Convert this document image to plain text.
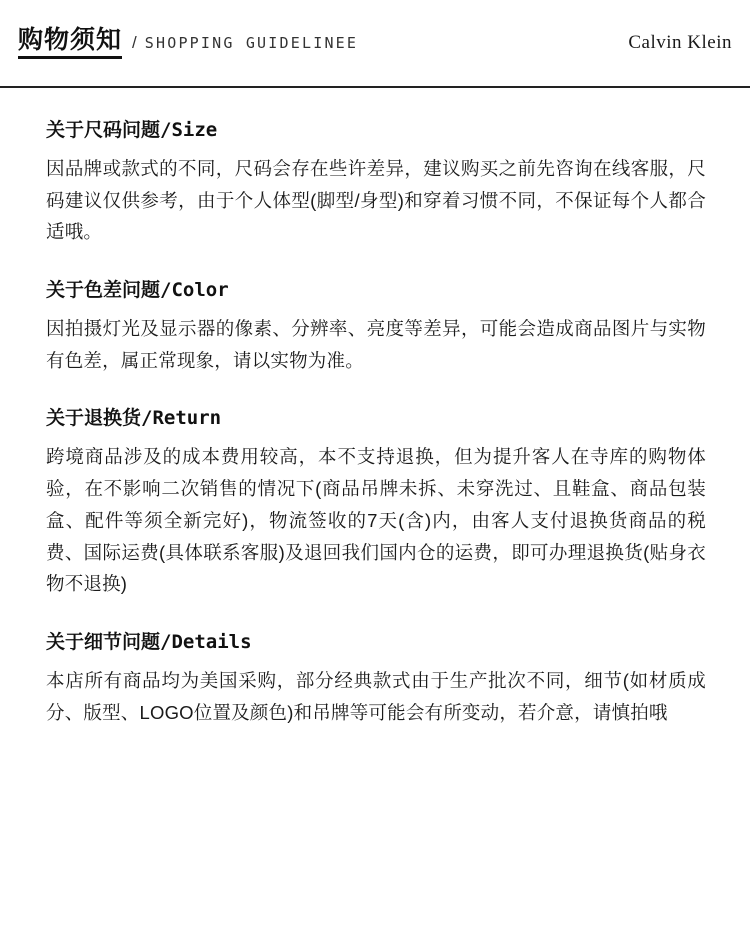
购物须知 / SHOPPING GUIDELINEE	Calvin Klein
关于尺码问题/Size
因品牌或款式的不同，尺码会存在些许差异，建议购买之前先咨询在线客服，尺码建议仅供参考，由于个人体型(脚型/身型)和穿着习惯不同，不保证每个人都合适哦。
关于色差问题/Color
因拍摄灯光及显示器的像素、分辨率、亮度等差异，可能会造成商品图片与实物有色差，属正常现象，请以实物为准。
关于退换货/Return
跨境商品涉及的成本费用较高，本不支持退换，但为提升客人在寺库的购物体验，在不影响二次销售的情况下(商品吊牌未拆、未穿洗过、且鞋盒、商品包装盒、配件等须全新完好)，物流签收的7天(含)内，由客人支付退换货商品的税费、国际运费(具体联系客服)及退回我们国内仓的运费，即可办理退换货(贴身衣物不退换)
关于细节问题/Details
本店所有商品均为美国采购，部分经典款式由于生产批次不同，细节(如材质成分、版型、LOGO位置及颜色)和吊牌等可能会有所变动，若介意，请慎拍哦
